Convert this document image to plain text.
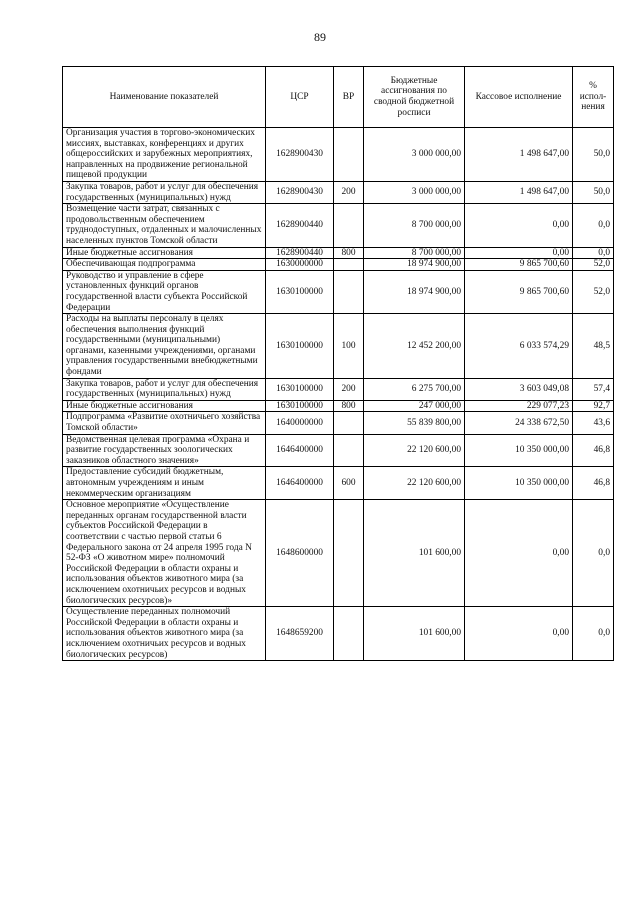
89
Наименование показателей	ЦСР	ВР	Бюджетные ассигнования по сводной бюджетной росписи	Кассовое исполнение	% испол-нения
Организация участия в торгово-экономических миссиях, выставках, конференциях и других общероссийских и зарубежных мероприятиях, направленных на продвижение региональной пищевой продукции	1628900430		3 000 000,00	1 498 647,00	50,0
Закупка товаров, работ и услуг для обеспечения государственных (муниципальных) нужд	1628900430	200	3 000 000,00	1 498 647,00	50,0
Возмещение части затрат, связанных с продовольственным обеспечением труднодоступных, отдаленных и малочисленных населенных пунктов Томской области	1628900440		8 700 000,00	0,00	0,0
Иные бюджетные ассигнования	1628900440	800	8 700 000,00	0,00	0,0
Обеспечивающая подпрограмма	1630000000		18 974 900,00	9 865 700,60	52,0
Руководство и управление в сфере установленных функций органов государственной власти субъекта Российской Федерации	1630100000		18 974 900,00	9 865 700,60	52,0
Расходы на выплаты персоналу в целях обеспечения выполнения функций государственными (муниципальными) органами, казенными учреждениями, органами управления государственными внебюджетными фондами	1630100000	100	12 452 200,00	6 033 574,29	48,5
Закупка товаров, работ и услуг для обеспечения государственных (муниципальных) нужд	1630100000	200	6 275 700,00	3 603 049,08	57,4
Иные бюджетные ассигнования	1630100000	800	247 000,00	229 077,23	92,7
Подпрограмма «Развитие охотничьего хозяйства Томской области»	1640000000		55 839 800,00	24 338 672,50	43,6
Ведомственная целевая программа «Охрана и развитие государственных зоологических заказников областного значения»	1646400000		22 120 600,00	10 350 000,00	46,8
Предоставление субсидий бюджетным, автономным учреждениям и иным некоммерческим организациям	1646400000	600	22 120 600,00	10 350 000,00	46,8
Основное мероприятие «Осуществление переданных органам государственной власти субъектов Российской Федерации в соответствии с частью первой статьи 6 Федерального закона от 24 апреля 1995 года N 52-ФЗ «О животном мире» полномочий Российской Федерации в области охраны и использования объектов животного мира (за исключением охотничьих ресурсов и водных биологических ресурсов)»	1648600000		101 600,00	0,00	0,0
Осуществление переданных полномочий Российской Федерации в области охраны и использования объектов животного мира (за исключением охотничьих ресурсов и водных биологических ресурсов)	1648659200		101 600,00	0,00	0,0
